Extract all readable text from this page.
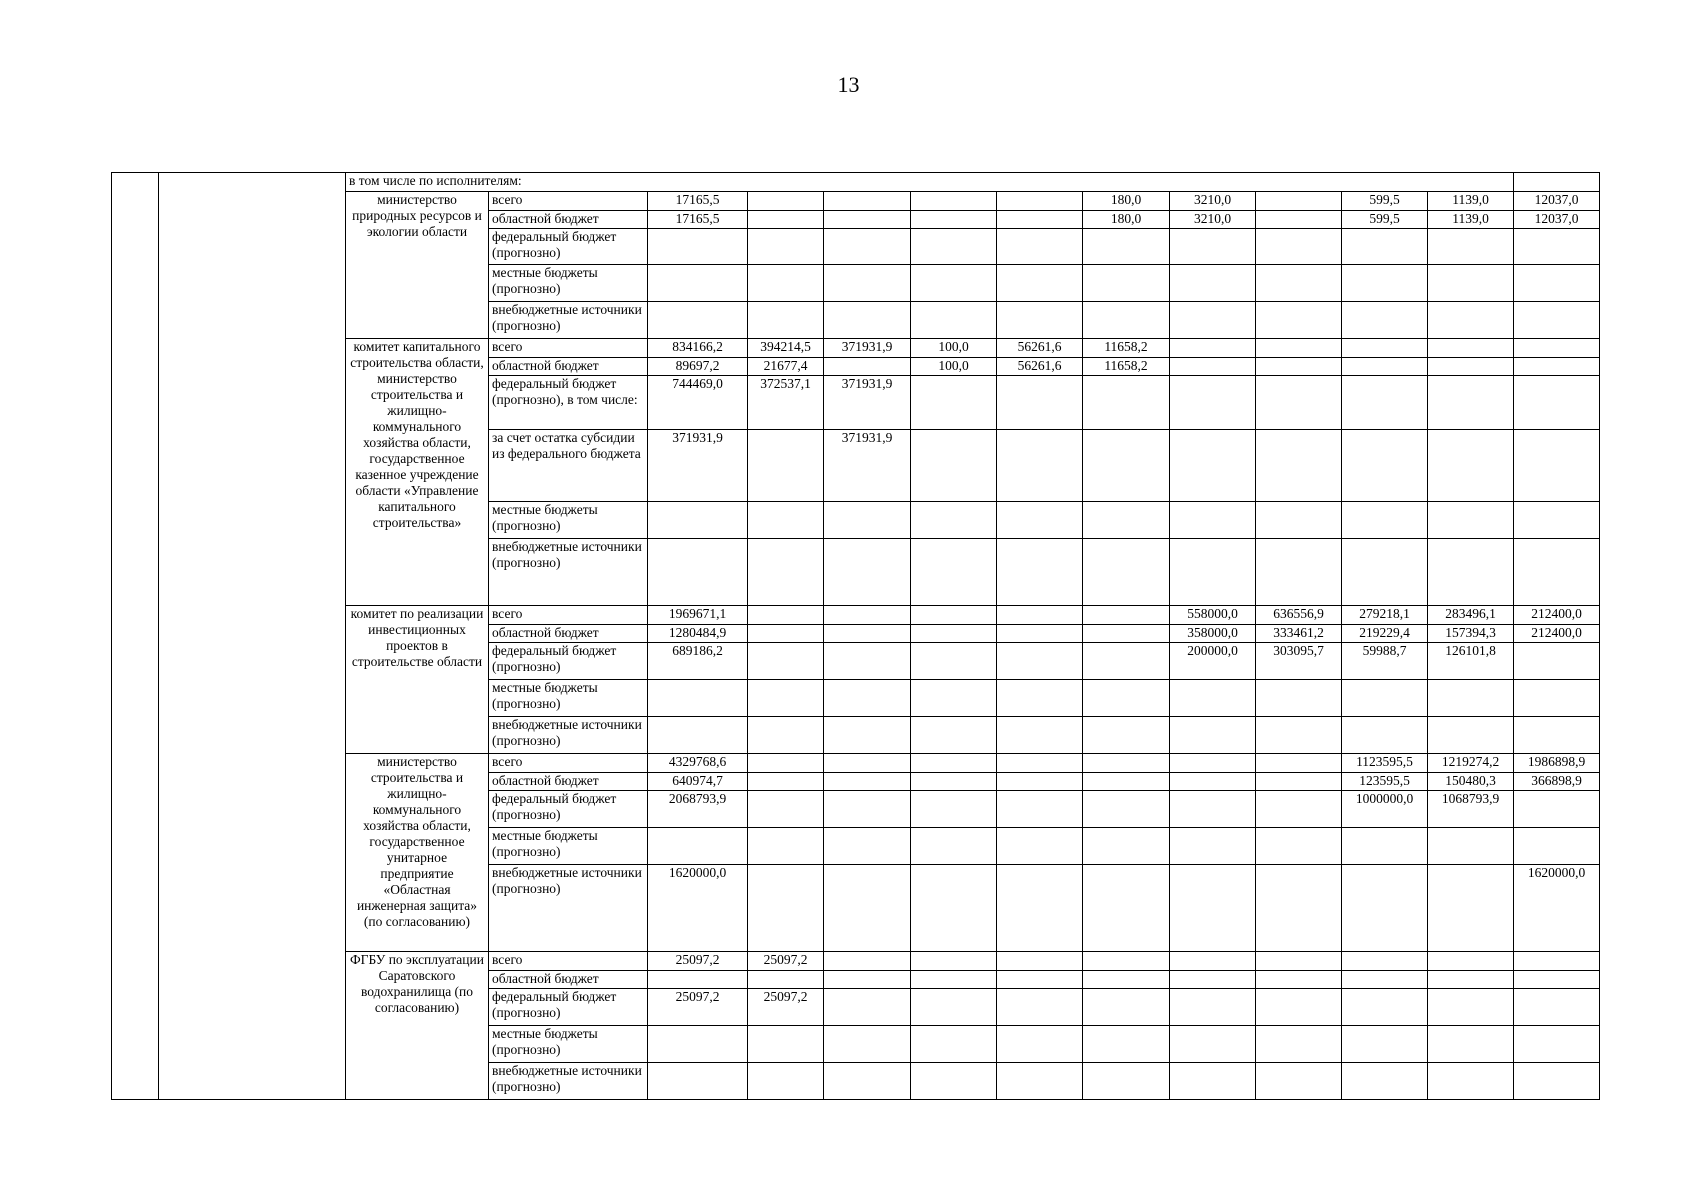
13
		в том числе по исполнителям:												
		министерство природных ресурсов и экологии области	всего	17165,5					180,0	3210,0		599,5	1139,0	12037,0
			областной бюджет	17165,5					180,0	3210,0		599,5	1139,0	12037,0
			федеральный бюджет (прогнозно)											
			местные бюджеты (прогнозно)											
			внебюджетные источники (прогнозно)											
		комитет капитального строительства области, министерство строительства и жилищно-коммунального хозяйства области, государственное казенное учреждение области «Управление капитального строительства»	всего	834166,2	394214,5	371931,9	100,0	56261,6	11658,2					
			областной бюджет	89697,2	21677,4		100,0	56261,6	11658,2					
			федеральный бюджет (прогнозно), в том числе:	744469,0	372537,1	371931,9								
			за счет остатка субсидии из федерального бюджета	371931,9		371931,9								
			местные бюджеты (прогнозно)											
			внебюджетные источники (прогнозно)											
		комитет по реализации инвестиционных проектов в строительстве области	всего	1969671,1						558000,0	636556,9	279218,1	283496,1	212400,0
			областной бюджет	1280484,9						358000,0	333461,2	219229,4	157394,3	212400,0
			федеральный бюджет (прогнозно)	689186,2						200000,0	303095,7	59988,7	126101,8	
			местные бюджеты (прогнозно)											
			внебюджетные источники (прогнозно)											
		министерство строительства и жилищно-коммунального хозяйства области, государственное унитарное предприятие «Областная инженерная защита» (по согласованию)	всего	4329768,6								1123595,5	1219274,2	1986898,9
			областной бюджет	640974,7								123595,5	150480,3	366898,9
			федеральный бюджет (прогнозно)	2068793,9								1000000,0	1068793,9	
			местные бюджеты (прогнозно)											
			внебюджетные источники (прогнозно)	1620000,0										1620000,0
		ФГБУ по эксплуатации Саратовского водохранилища (по согласованию)	всего	25097,2	25097,2									
			областной бюджет											
			федеральный бюджет (прогнозно)	25097,2	25097,2									
			местные бюджеты (прогнозно)											
			внебюджетные источники (прогнозно)											
